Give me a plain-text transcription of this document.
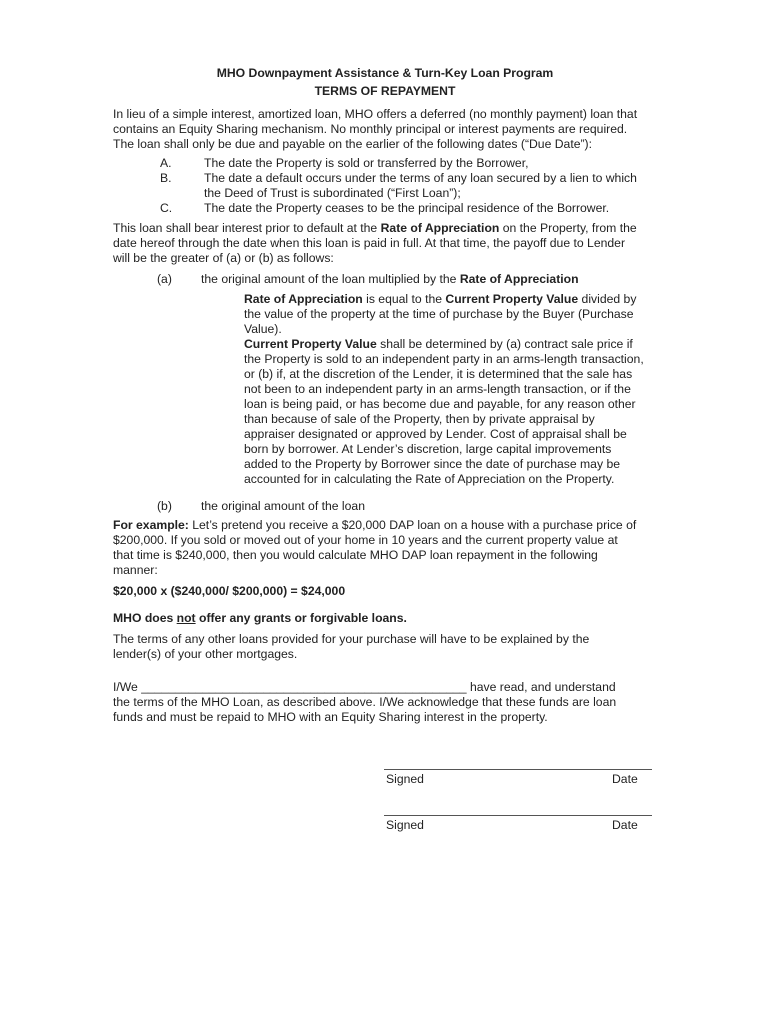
MHO Downpayment Assistance & Turn-Key Loan Program
TERMS OF REPAYMENT
In lieu of a simple interest, amortized loan, MHO offers a deferred (no monthly payment) loan that
contains an Equity Sharing mechanism. No monthly principal or interest payments are required.
The loan shall only be due and payable on the earlier of the following dates (“Due Date”):
A.	The date the Property is sold or transferred by the Borrower,
B.	The date a default occurs under the terms of any loan secured by a lien to which
the Deed of Trust is subordinated (“First Loan”);
C.	The date the Property ceases to be the principal residence of the Borrower.
This loan shall bear interest prior to default at the Rate of Appreciation on the Property, from the
date hereof through the date when this loan is paid in full. At that time, the payoff due to Lender
will be the greater of (a) or (b) as follows:
(a) the original amount of the loan multiplied by the Rate of Appreciation
Rate of Appreciation is equal to the Current Property Value divided by
the value of the property at the time of purchase by the Buyer (Purchase
Value).
Current Property Value shall be determined by (a) contract sale price if
the Property is sold to an independent party in an arms-length transaction,
or (b) if, at the discretion of the Lender, it is determined that the sale has
not been to an independent party in an arms-length transaction, or if the
loan is being paid, or has become due and payable, for any reason other
than because of sale of the Property, then by private appraisal by
appraiser designated or approved by Lender. Cost of appraisal shall be
born by borrower. At Lender’s discretion, large capital improvements
added to the Property by Borrower since the date of purchase may be
accounted for in calculating the Rate of Appreciation on the Property.
(b) the original amount of the loan
For example: Let’s pretend you receive a $20,000 DAP loan on a house with a purchase price of
$200,000. If you sold or moved out of your home in 10 years and the current property value at
that time is $240,000, then you would calculate MHO DAP loan repayment in the following
manner:
$20,000 x ($240,000/ $200,000) = $24,000
MHO does not offer any grants or forgivable loans.
The terms of any other loans provided for your purchase will have to be explained by the
lender(s) of your other mortgages.
I/We ________________________________________________ have read, and understand
the terms of the MHO Loan, as described above. I/We acknowledge that these funds are loan
funds and must be repaid to MHO with an Equity Sharing interest in the property.
Signed	Date
Signed	Date
